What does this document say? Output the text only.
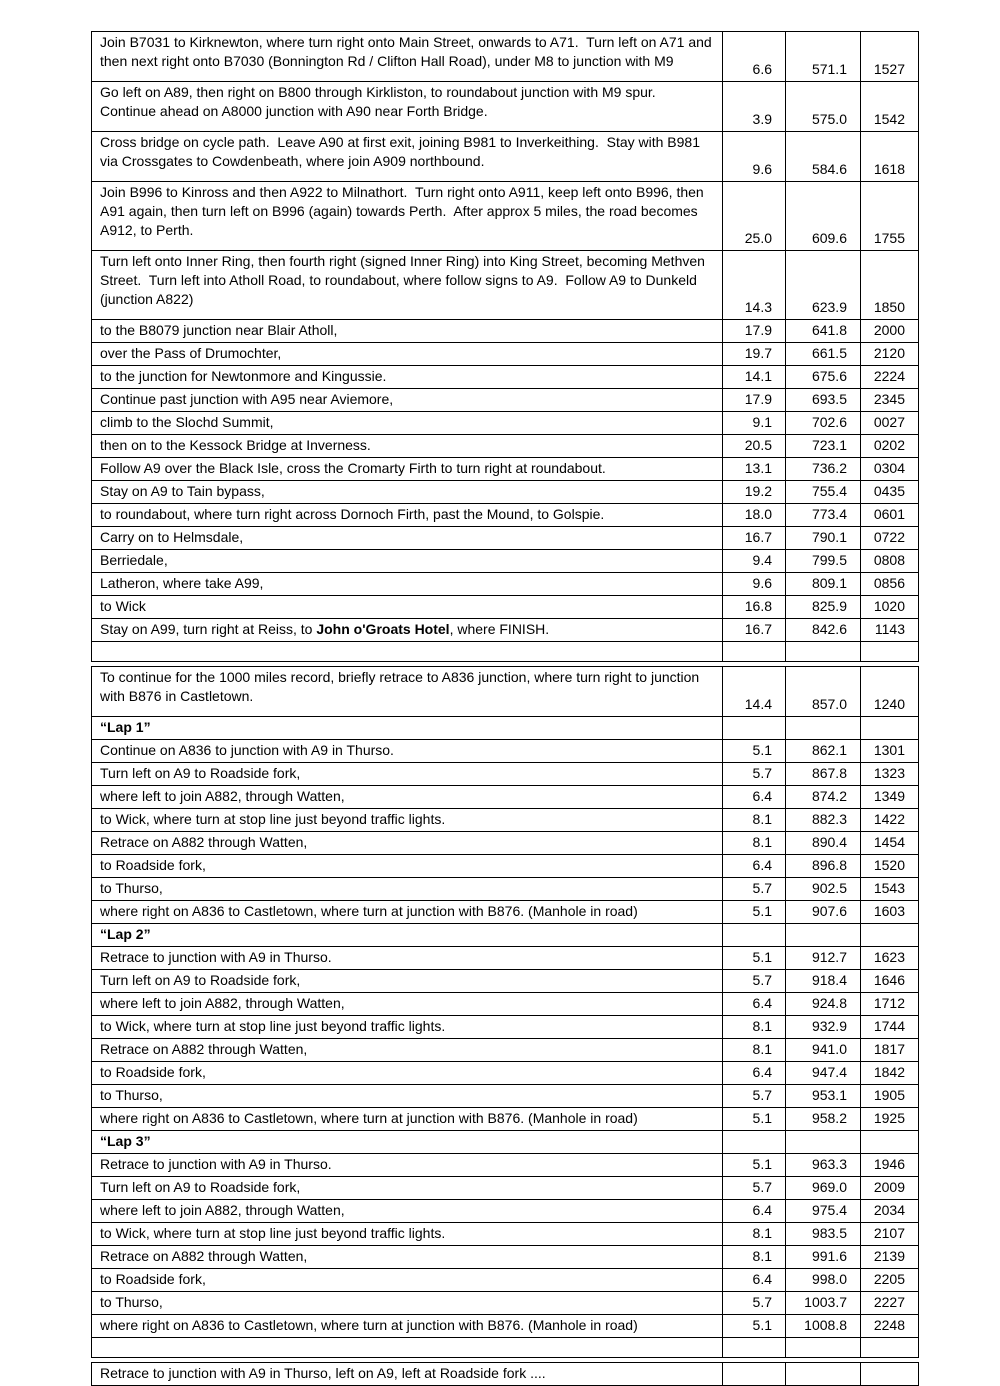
Join B7031 to Kirknewton, where turn right onto Main Street, onwards to A71.  Turn left on A71 and then next right onto B7030 (Bonnington Rd / Clifton Hall Road), under M8 to junction with M9	6.6	571.1	1527
Go left on A89, then right on B800 through Kirkliston, to roundabout junction with M9 spur.  Continue ahead on A8000 junction with A90 near Forth Bridge.	3.9	575.0	1542
Cross bridge on cycle path.  Leave A90 at first exit, joining B981 to Inverkeithing.  Stay with B981 via Crossgates to Cowdenbeath, where join A909 northbound.	9.6	584.6	1618
Join B996 to Kinross and then A922 to Milnathort.  Turn right onto A911, keep left onto B996, then A91 again, then turn left on B996 (again) towards Perth.  After approx 5 miles, the road becomes A912, to Perth.	25.0	609.6	1755
Turn left onto Inner Ring, then fourth right (signed Inner Ring) into King Street, becoming Methven Street.  Turn left into Atholl Road, to roundabout, where follow signs to A9.  Follow A9 to Dunkeld (junction A822)	14.3	623.9	1850
to the B8079 junction near Blair Atholl,	17.9	641.8	2000
over the Pass of Drumochter,	19.7	661.5	2120
to the junction for Newtonmore and Kingussie.	14.1	675.6	2224
Continue past junction with A95 near Aviemore,	17.9	693.5	2345
climb to the Slochd Summit,	9.1	702.6	0027
then on to the Kessock Bridge at Inverness.	20.5	723.1	0202
Follow A9 over the Black Isle, cross the Cromarty Firth to turn right at roundabout.	13.1	736.2	0304
Stay on A9 to Tain bypass,	19.2	755.4	0435
to roundabout, where turn right across Dornoch Firth, past the Mound, to Golspie.	18.0	773.4	0601
Carry on to Helmsdale,	16.7	790.1	0722
Berriedale,	9.4	799.5	0808
Latheron, where take A99,	9.6	809.1	0856
to Wick	16.8	825.9	1020
Stay on A99, turn right at Reiss, to John o'Groats Hotel, where FINISH.	16.7	842.6	1143

To continue for the 1000 miles record, briefly retrace to A836 junction, where turn right to junction with B876 in Castletown.	14.4	857.0	1240
“Lap 1”			
Continue on A836 to junction with A9 in Thurso.	5.1	862.1	1301
Turn left on A9 to Roadside fork,	5.7	867.8	1323
where left to join A882, through Watten,	6.4	874.2	1349
to Wick, where turn at stop line just beyond traffic lights.	8.1	882.3	1422
Retrace on A882 through Watten,	8.1	890.4	1454
to Roadside fork,	6.4	896.8	1520
to Thurso,	5.7	902.5	1543
where right on A836 to Castletown, where turn at junction with B876. (Manhole in road)	5.1	907.6	1603
“Lap 2”			
Retrace to junction with A9 in Thurso.	5.1	912.7	1623
Turn left on A9 to Roadside fork,	5.7	918.4	1646
where left to join A882, through Watten,	6.4	924.8	1712
to Wick, where turn at stop line just beyond traffic lights.	8.1	932.9	1744
Retrace on A882 through Watten,	8.1	941.0	1817
to Roadside fork,	6.4	947.4	1842
to Thurso,	5.7	953.1	1905
where right on A836 to Castletown, where turn at junction with B876. (Manhole in road)	5.1	958.2	1925
“Lap 3”			
Retrace to junction with A9 in Thurso.	5.1	963.3	1946
Turn left on A9 to Roadside fork,	5.7	969.0	2009
where left to join A882, through Watten,	6.4	975.4	2034
to Wick, where turn at stop line just beyond traffic lights.	8.1	983.5	2107
Retrace on A882 through Watten,	8.1	991.6	2139
to Roadside fork,	6.4	998.0	2205
to Thurso,	5.7	1003.7	2227
where right on A836 to Castletown, where turn at junction with B876. (Manhole in road)	5.1	1008.8	2248

Retrace to junction with A9 in Thurso, left on A9, left at Roadside fork ....			
